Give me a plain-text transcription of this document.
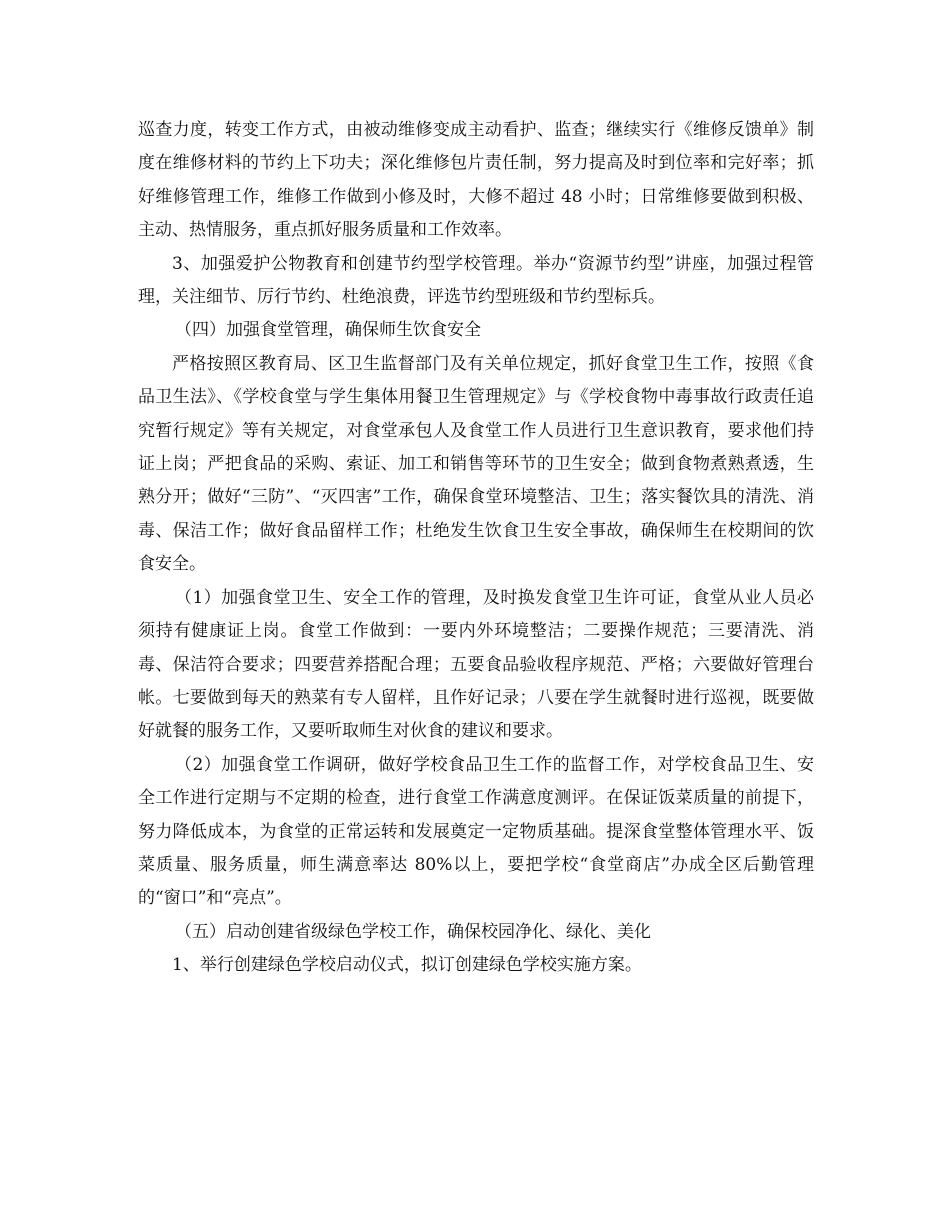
巡查力度，转变工作方式，由被动维修变成主动看护、监查；继续实行《维修反馈单》制度在维修材料的节约上下功夫；深化维修包片责任制，努力提高及时到位率和完好率；抓好维修管理工作，维修工作做到小修及时，大修不超过 48 小时；日常维修要做到积极、主动、热情服务，重点抓好服务质量和工作效率。

3、加强爱护公物教育和创建节约型学校管理。举办“资源节约型”讲座，加强过程管理，关注细节、厉行节约、杜绝浪费，评选节约型班级和节约型标兵。

（四）加强食堂管理，确保师生饮食安全

严格按照区教育局、区卫生监督部门及有关单位规定，抓好食堂卫生工作，按照《食品卫生法》、《学校食堂与学生集体用餐卫生管理规定》与《学校食物中毒事故行政责任追究暂行规定》等有关规定，对食堂承包人及食堂工作人员进行卫生意识教育，要求他们持证上岗；严把食品的采购、索证、加工和销售等环节的卫生安全；做到食物煮熟煮透，生熟分开；做好“三防”、“灭四害”工作，确保食堂环境整洁、卫生；落实餐饮具的清洗、消毒、保洁工作；做好食品留样工作；杜绝发生饮食卫生安全事故，确保师生在校期间的饮食安全。

（1）加强食堂卫生、安全工作的管理，及时换发食堂卫生许可证，食堂从业人员必须持有健康证上岗。食堂工作做到：一要内外环境整洁；二要操作规范；三要清洗、消毒、保洁符合要求；四要营养搭配合理；五要食品验收程序规范、严格；六要做好管理台帐。七要做到每天的熟菜有专人留样，且作好记录；八要在学生就餐时进行巡视，既要做好就餐的服务工作，又要听取师生对伙食的建议和要求。

（2）加强食堂工作调研，做好学校食品卫生工作的监督工作，对学校食品卫生、安全工作进行定期与不定期的检查，进行食堂工作满意度测评。在保证饭菜质量的前提下，努力降低成本，为食堂的正常运转和发展奠定一定物质基础。提深食堂整体管理水平、饭菜质量、服务质量，师生满意率达 80%以上，要把学校“食堂商店”办成全区后勤管理的“窗口”和“亮点”。

（五）启动创建省级绿色学校工作，确保校园净化、绿化、美化

1、举行创建绿色学校启动仪式，拟订创建绿色学校实施方案。
